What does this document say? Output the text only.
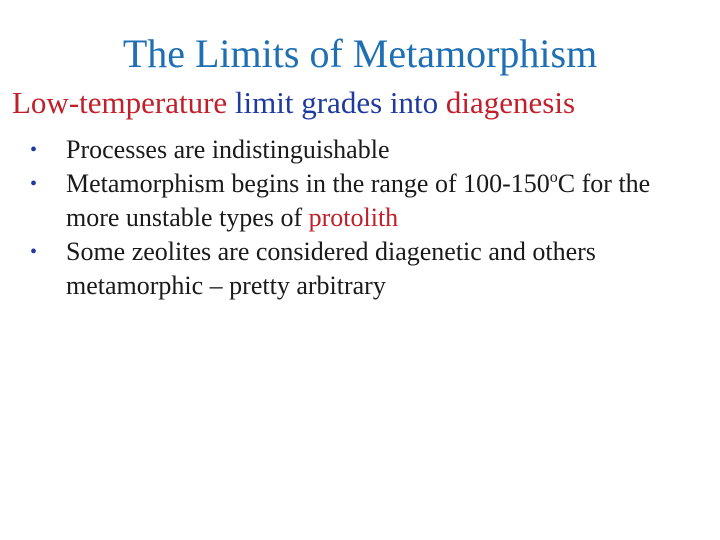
The Limits of Metamorphism
Low-temperature limit grades into diagenesis
•	Processes are indistinguishable
•	Metamorphism begins in the range of 100-150$^o$C for the more unstable types of protolith
•	Some zeolites are considered diagenetic and others metamorphic – pretty arbitrary
